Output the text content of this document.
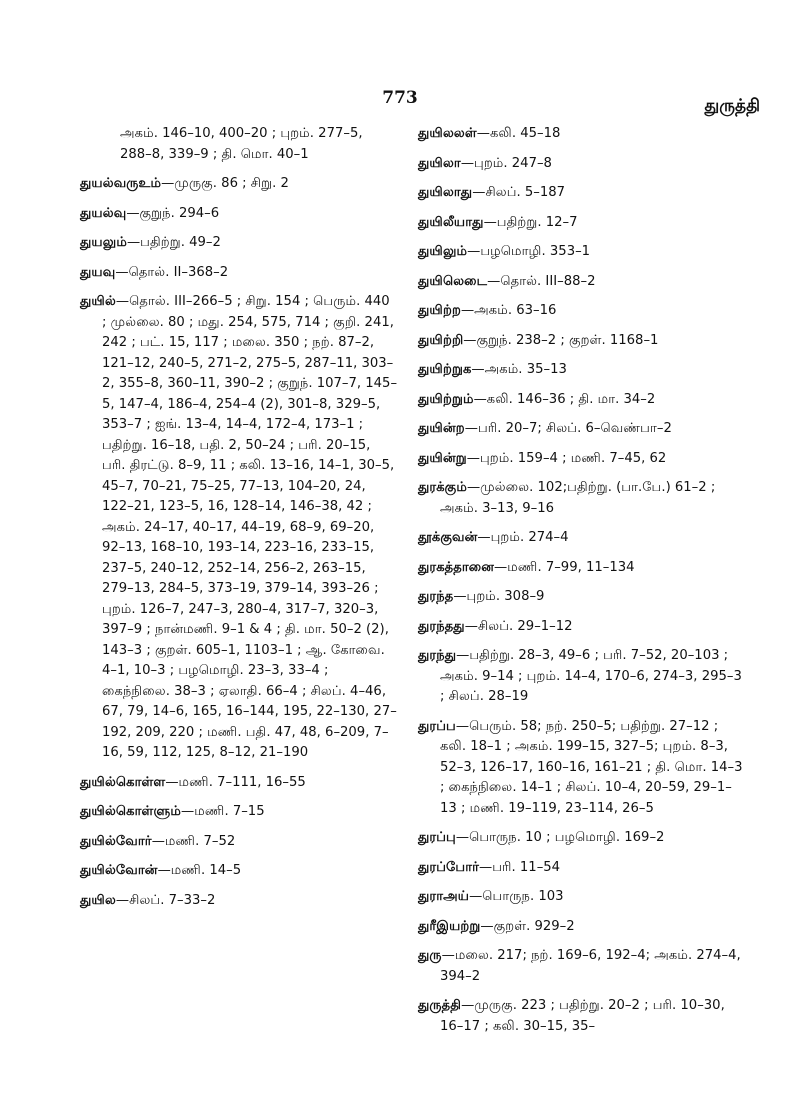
773	துருத்தி
அகம். 146–10, 400–20 ; புறம். 277–5, 288–8, 339–9 ; தி. மொ. 40–1
துயல்வருஉம்—முருகு. 86 ; சிறு. 2
துயல்வு—குறுந். 294–6
துயலும்—பதிற்று. 49–2
துயவு—தொல். II–368–2
துயில்—தொல். III–266–5 ; சிறு. 154 ; பெரும். 440 ; முல்லை. 80 ; மது. 254, 575, 714 ; குறி. 241, 242 ; பட். 15, 117 ; மலை. 350 ; நற். 87–2, 121–12, 240–5, 271–2, 275–5, 287–11, 303–2, 355–8, 360–11, 390–2 ; குறுந். 107–7, 145–5, 147–4, 186–4, 254–4 (2), 301–8, 329–5, 353–7 ; ஐங். 13–4, 14–4, 172–4, 173–1 ; பதிற்று. 16–18, பதி. 2, 50–24 ; பரி. 20–15, பரி. திரட்டு. 8–9, 11 ; கலி. 13–16, 14–1, 30–5, 45–7, 70–21, 75–25, 77–13, 104–20, 24, 122–21, 123–5, 16, 128–14, 146–38, 42 ; அகம். 24–17, 40–17, 44–19, 68–9, 69–20, 92–13, 168–10, 193–14, 223–16, 233–15, 237–5, 240–12, 252–14, 256–2, 263–15, 279–13, 284–5, 373–19, 379–14, 393–26 ; புறம். 126–7, 247–3, 280–4, 317–7, 320–3, 397–9 ; நான்மணி. 9–1 & 4 ; தி. மா. 50–2 (2), 143–3 ; குறள். 605–1, 1103–1 ; ஆ. கோவை. 4–1, 10–3 ; பழமொழி. 23–3, 33–4 ; கைந்நிலை. 38–3 ; ஏலாதி. 66–4 ; சிலப். 4–46, 67, 79, 14–6, 165, 16–144, 195, 22–130, 27–192, 209, 220 ; மணி. பதி. 47, 48, 6–209, 7–16, 59, 112, 125, 8–12, 21–190
துயில்கொள்ள—மணி. 7–111, 16–55
துயில்கொள்ளும்—மணி. 7–15
துயில்வோர்—மணி. 7–52
துயில்வோன்—மணி. 14–5
துயில—சிலப். 7–33–2
துயிலலள்—கலி. 45–18
துயிலா—புறம். 247–8
துயிலாது—சிலப். 5–187
துயிலீயாது—பதிற்று. 12–7
துயிலும்—பழமொழி. 353–1
துயிலெடை—தொல். III–88–2
துயிற்ற—அகம். 63–16
துயிற்றி—குறுந். 238–2 ; குறள். 1168–1
துயிற்றுக—அகம். 35–13
துயிற்றும்—கலி. 146–36 ; தி. மா. 34–2
துயின்ற—பரி. 20–7; சிலப். 6–வெண்பா–2
துயின்று—புறம். 159–4 ; மணி. 7–45, 62
துரக்கும்—முல்லை. 102;பதிற்று. (பா.பே.) 61–2 ; அகம். 3–13, 9–16
தூக்குவன்—புறம். 274–4
துரகத்தானை—மணி. 7–99, 11–134
துரந்த—புறம். 308–9
துரந்தது—சிலப். 29–1–12
துரந்து—பதிற்று. 28–3, 49–6 ; பரி. 7–52, 20–103 ; அகம். 9–14 ; புறம். 14–4, 170–6, 274–3, 295–3 ; சிலப். 28–19
துரப்ப—பெரும். 58; நற். 250–5; பதிற்று. 27–12 ; கலி. 18–1 ; அகம். 199–15, 327–5; புறம். 8–3, 52–3, 126–17, 160–16, 161–21 ; தி. மொ. 14–3 ; கைந்நிலை. 14–1 ; சிலப். 10–4, 20–59, 29–1–13 ; மணி. 19–119, 23–114, 26–5
துரப்பு—பொருந. 10 ; பழமொழி. 169–2
துரப்போர்—பரி. 11–54
துராஅய்—பொருந. 103
துரீஇயற்று—குறள். 929–2
துரு—மலை. 217; நற். 169–6, 192–4; அகம். 274–4, 394–2
துருத்தி—முருகு. 223 ; பதிற்று. 20–2 ; பரி. 10–30, 16–17 ; கலி. 30–15, 35–
